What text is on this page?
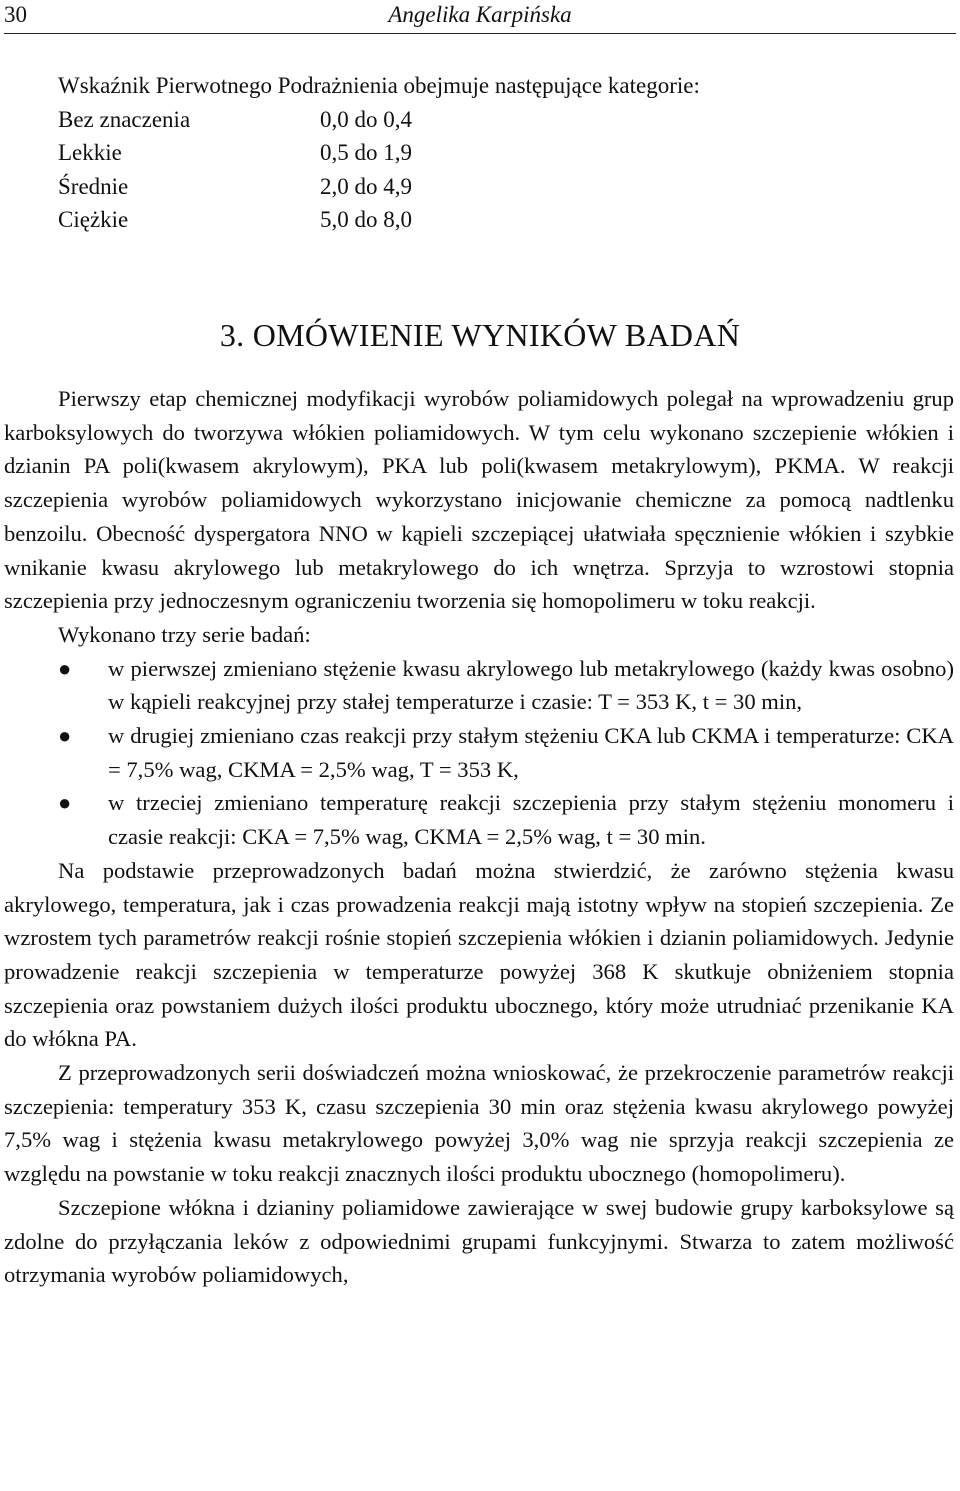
30	Angelika Karpińska
Wskaźnik Pierwotnego Podrażnienia obejmuje następujące kategorie:
Bez znaczenia	0,0 do 0,4
Lekkie	0,5 do 1,9
Średnie	2,0 do 4,9
Ciężkie	5,0 do 8,0
3. OMÓWIENIE WYNIKÓW BADAŃ

Pierwszy etap chemicznej modyfikacji wyrobów poliamidowych polegał na wprowadzeniu grup karboksylowych do tworzywa włókien poliamidowych. W tym celu wykonano szczepienie włókien i dzianin PA poli(kwasem akrylowym), PKA lub poli(kwasem metakrylowym), PKMA. W reakcji szczepienia wyrobów poliamidowych wykorzystano inicjowanie chemiczne za pomocą nadtlenku benzoilu. Obecność dyspergatora NNO w kąpieli szczepiącej ułatwiała spęcznienie włókien i szybkie wnikanie kwasu akrylowego lub metakrylowego do ich wnętrza. Sprzyja to wzrostowi stopnia szczepienia przy jednoczesnym ograniczeniu tworzenia się homopolimeru w toku reakcji.

Wykonano trzy serie badań:

● w pierwszej zmieniano stężenie kwasu akrylowego lub metakrylowego (każdy kwas osobno) w kąpieli reakcyjnej przy stałej temperaturze i czasie: T = 353 K, t = 30 min,
● w drugiej zmieniano czas reakcji przy stałym stężeniu CKA lub CKMA i temperaturze: CKA = 7,5% wag, CKMA = 2,5% wag, T = 353 K,
● w trzeciej zmieniano temperaturę reakcji szczepienia przy stałym stężeniu monomeru i czasie reakcji: CKA = 7,5% wag, CKMA = 2,5% wag, t = 30 min.

Na podstawie przeprowadzonych badań można stwierdzić, że zarówno stężenia kwasu akrylowego, temperatura, jak i czas prowadzenia reakcji mają istotny wpływ na stopień szczepienia. Ze wzrostem tych parametrów reakcji rośnie stopień szczepienia włókien i dzianin poliamidowych. Jedynie prowadzenie reakcji szczepienia w temperaturze powyżej 368 K skutkuje obniżeniem stopnia szczepienia oraz powstaniem dużych ilości produktu ubocznego, który może utrudniać przenikanie KA do włókna PA.

Z przeprowadzonych serii doświadczeń można wnioskować, że przekroczenie parametrów reakcji szczepienia: temperatury 353 K, czasu szczepienia 30 min oraz stężenia kwasu akrylowego powyżej 7,5% wag i stężenia kwasu metakrylowego powyżej 3,0% wag nie sprzyja reakcji szczepienia ze względu na powstanie w toku reakcji znacznych ilości produktu ubocznego (homopolimeru).

Szczepione włókna i dzianiny poliamidowe zawierające w swej budowie grupy karboksylowe są zdolne do przyłączania leków z odpowiednimi grupami funkcyjnymi. Stwarza to zatem możliwość otrzymania wyrobów poliamidowych,
